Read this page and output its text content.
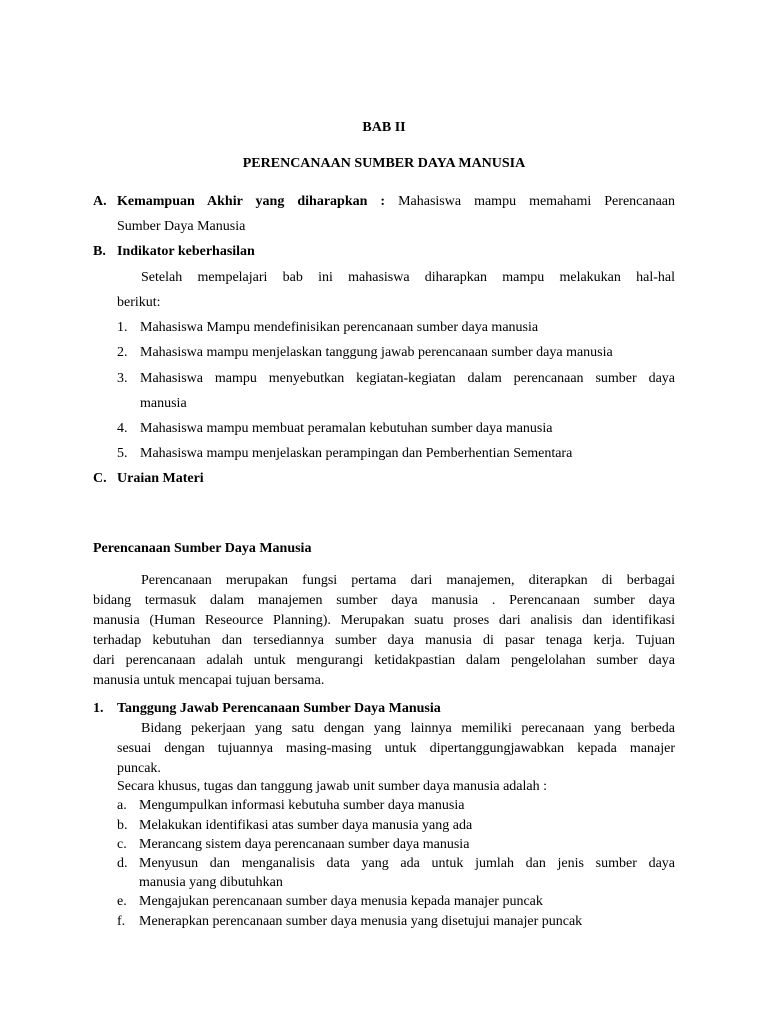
BAB II
PERENCANAAN SUMBER DAYA MANUSIA
A. Kemampuan Akhir yang diharapkan : Mahasiswa mampu memahami Perencanaan
Sumber Daya Manusia
B. Indikator keberhasilan
Setelah mempelajari bab ini mahasiswa diharapkan mampu melakukan hal-hal
berikut:
1. Mahasiswa Mampu mendefinisikan perencanaan sumber daya manusia
2. Mahasiswa mampu menjelaskan tanggung jawab perencanaan sumber daya manusia
3. Mahasiswa mampu menyebutkan kegiatan-kegiatan dalam perencanaan sumber daya
manusia
4. Mahasiswa mampu membuat peramalan kebutuhan sumber daya manusia
5. Mahasiswa mampu menjelaskan perampingan dan Pemberhentian Sementara
C. Uraian Materi
Perencanaan Sumber Daya Manusia
Perencanaan merupakan fungsi pertama dari manajemen, diterapkan di berbagai
bidang termasuk dalam manajemen sumber daya manusia . Perencanaan sumber daya
manusia (Human Reseource Planning). Merupakan suatu proses dari analisis dan identifikasi
terhadap kebutuhan dan tersediannya sumber daya manusia di pasar tenaga kerja. Tujuan
dari perencanaan adalah untuk mengurangi ketidakpastian dalam pengelolahan sumber daya
manusia untuk mencapai tujuan bersama.
1. Tanggung Jawab Perencanaan Sumber Daya Manusia
Bidang pekerjaan yang satu dengan yang lainnya memiliki perecanaan yang berbeda
sesuai dengan tujuannya masing-masing untuk dipertanggungjawabkan kepada manajer
puncak.
Secara khusus, tugas dan tanggung jawab unit sumber daya manusia adalah :
a. Mengumpulkan informasi kebutuha sumber daya manusia
b. Melakukan identifikasi atas sumber daya manusia yang ada
c. Merancang sistem daya perencanaan sumber daya manusia
d. Menyusun dan menganalisis data yang ada untuk jumlah dan jenis sumber daya
manusia yang dibutuhkan
e. Mengajukan perencanaan sumber daya menusia kepada manajer puncak
f. Menerapkan perencanaan sumber daya menusia yang disetujui manajer puncak
